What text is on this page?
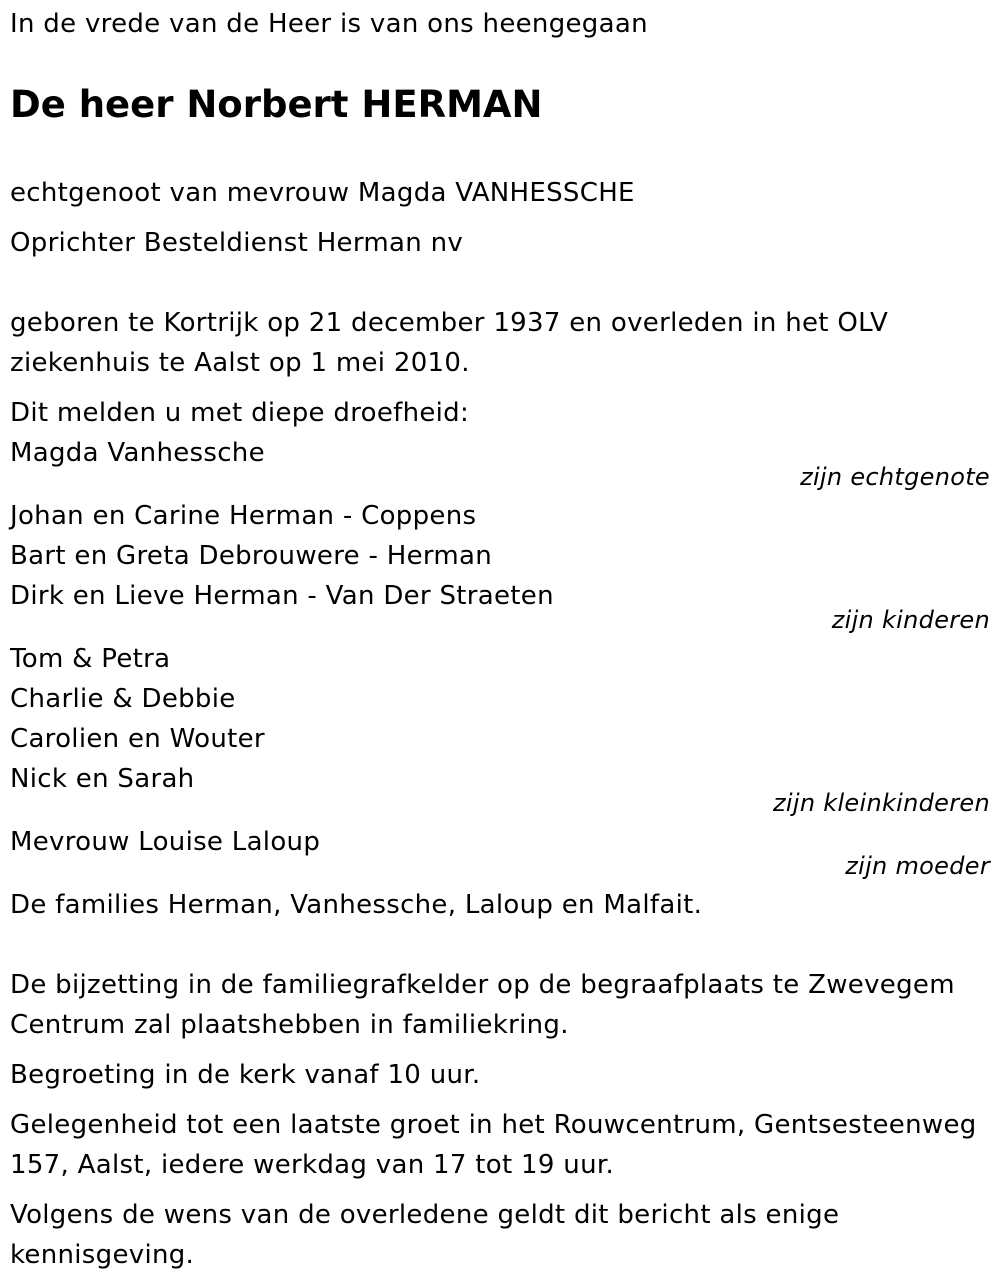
In de vrede van de Heer is van ons heengegaan

De heer Norbert HERMAN

echtgenoot van mevrouw Magda VANHESSCHE

Oprichter Besteldienst Herman nv

geboren te Kortrijk op 21 december 1937 en overleden in het OLV

ziekenhuis te Aalst op 1 mei 2010.

Dit melden u met diepe droefheid:

Magda Vanhessche

zijn echtgenote

Johan en Carine Herman - Coppens

Bart en Greta Debrouwere - Herman

Dirk en Lieve Herman - Van Der Straeten

zijn kinderen

Tom & Petra

Charlie & Debbie

Carolien en Wouter

Nick en Sarah

zijn kleinkinderen

Mevrouw Louise Laloup

zijn moeder

De families Herman, Vanhessche, Laloup en Malfait.

De bijzetting in de familiegrafkelder op de begraafplaats te Zwevegem

Centrum zal plaatshebben in familiekring.

Begroeting in de kerk vanaf 10 uur.

Gelegenheid tot een laatste groet in het Rouwcentrum, Gentsesteenweg

157, Aalst, iedere werkdag van 17 tot 19 uur.

Volgens de wens van de overledene geldt dit bericht als enige

kennisgeving.
